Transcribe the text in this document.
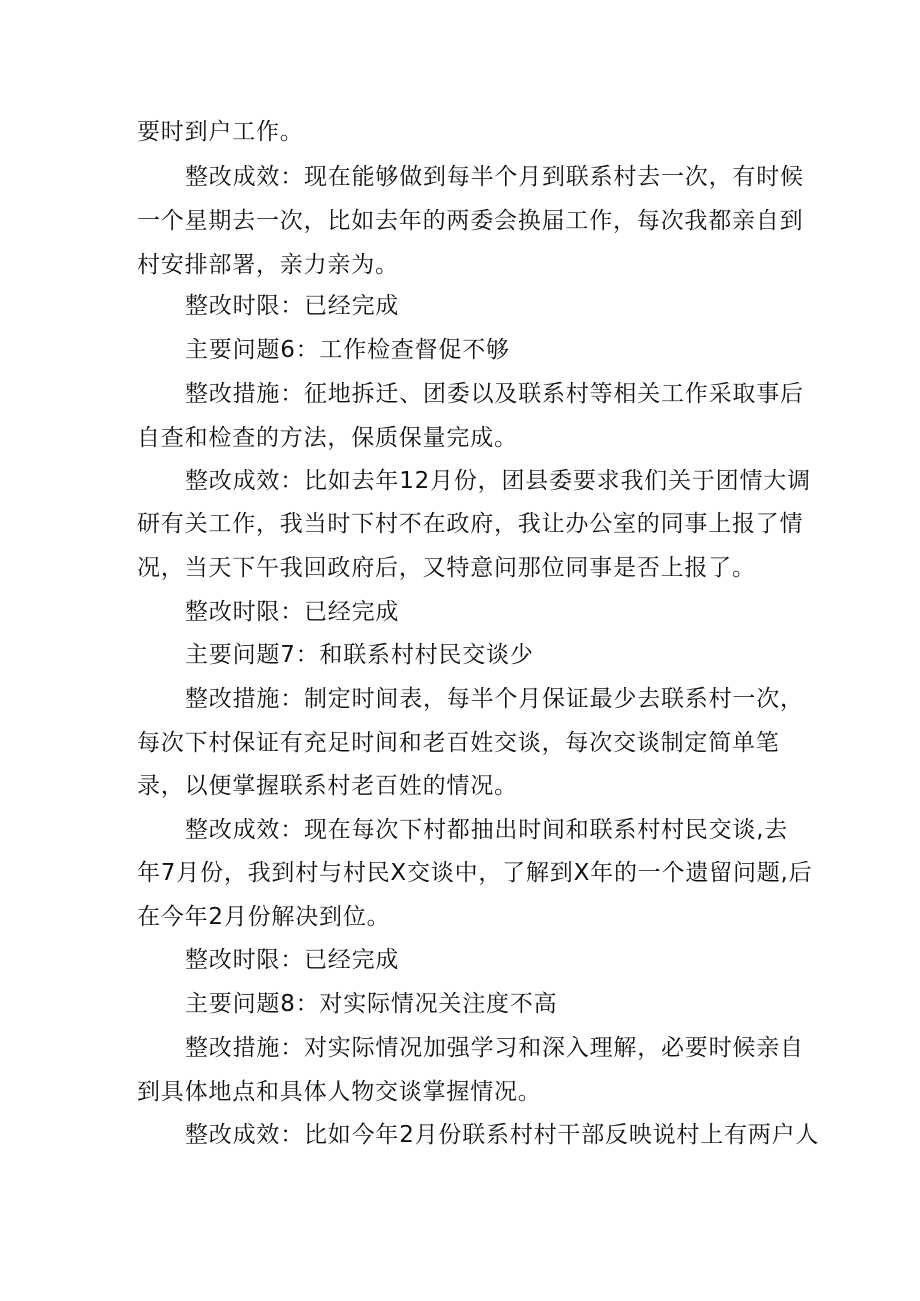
要时到户工作。
整改成效：现在能够做到每半个月到联系村去一次，有时候
一个星期去一次，比如去年的两委会换届工作，每次我都亲自到
村安排部署，亲力亲为。
整改时限：已经完成
主要问题6：工作检查督促不够
整改措施：征地拆迁、团委以及联系村等相关工作采取事后
自查和检查的方法，保质保量完成。
整改成效：比如去年12月份，团县委要求我们关于团情大调
研有关工作，我当时下村不在政府，我让办公室的同事上报了情
况，当天下午我回政府后，又特意问那位同事是否上报了。
整改时限：已经完成
主要问题7：和联系村村民交谈少
整改措施：制定时间表，每半个月保证最少去联系村一次，
每次下村保证有充足时间和老百姓交谈，每次交谈制定简单笔
录，以便掌握联系村老百姓的情况。
整改成效：现在每次下村都抽出时间和联系村村民交谈,去
年7月份，我到村与村民X交谈中，了解到X年的一个遗留问题,后
在今年2月份解决到位。
整改时限：已经完成
主要问题8：对实际情况关注度不高
整改措施：对实际情况加强学习和深入理解，必要时候亲自
到具体地点和具体人物交谈掌握情况。
整改成效：比如今年2月份联系村村干部反映说村上有两户人
